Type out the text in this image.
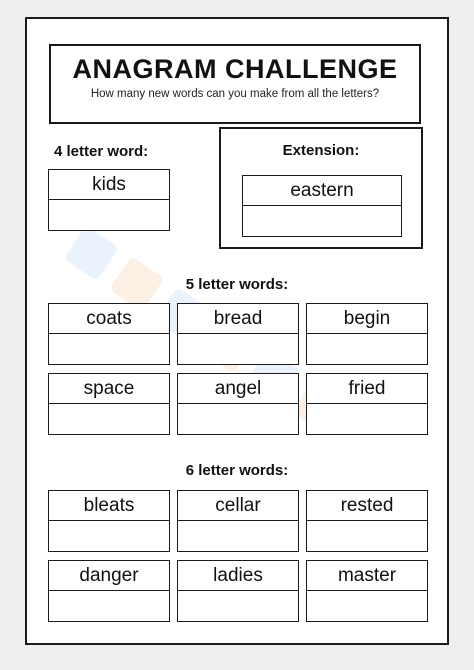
ANAGRAM CHALLENGE
How many new words can you make from all the letters?
4 letter word:
kids
Extension:
eastern
5 letter words:
coats	bread	begin
space	angel	fried
6 letter words:
bleats	cellar	rested
danger	ladies	master
